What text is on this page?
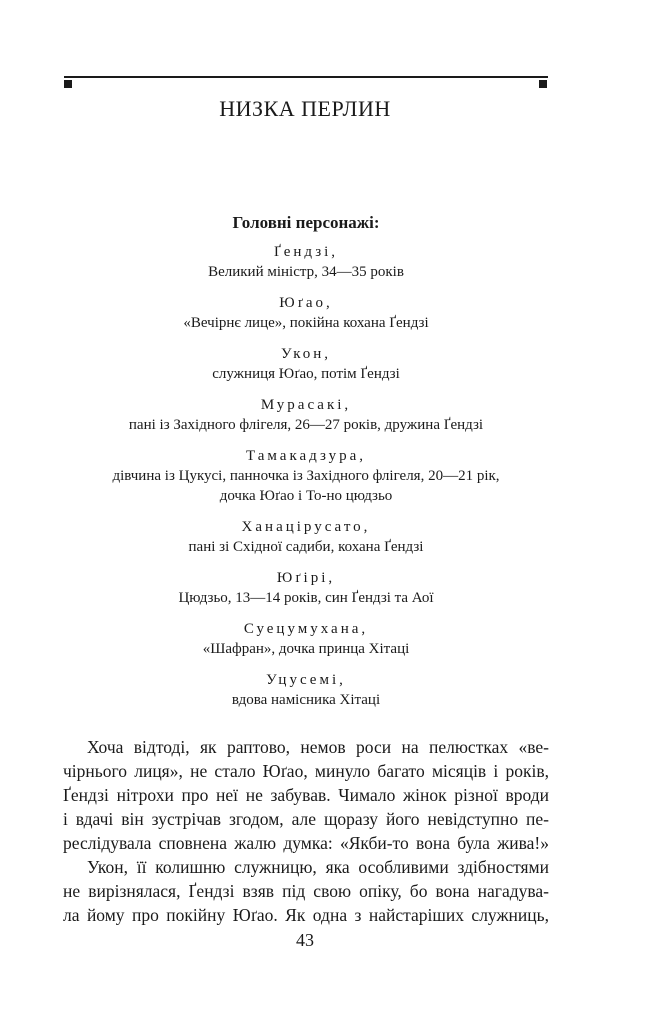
НИЗКА ПЕРЛИН
Головні персонажі:
Ґендзі,
Великий міністр, 34—35 років
Юґао,
«Вечірнє лице», покійна кохана Ґендзі
Укон,
служниця Юґао, потім Ґендзі
Мурасакі,
пані із Західного флігеля, 26—27 років, дружина Ґендзі
Тамакадзура,
дівчина із Цукусі, панночка із Західного флігеля, 20—21 рік,
дочка Юґао і То-но цюдзьо
Ханацірусато,
пані зі Східної садиби, кохана Ґендзі
Юґірі,
Цюдзьо, 13—14 років, син Ґендзі та Аої
Суецумухана,
«Шафран», дочка принца Хітаці
Уцусемі,
вдова намісника Хітаці
Хоча відтоді, як раптово, немов роси на пелюстках «ве-
чірнього лиця», не стало Юґао, минуло багато місяців і років,
Ґендзі нітрохи про неї не забував. Чимало жінок різної вроди
і вдачі він зустрічав згодом, але щоразу його невідступно пе-
реслідувала сповнена жалю думка: «Якби-то вона була жива!»
Укон, її колишню служницю, яка особливими здібностями
не вирізнялася, Ґендзі взяв під свою опіку, бо вона нагадува-
ла йому про покійну Юґао. Як одна з найстаріших служниць,
43
